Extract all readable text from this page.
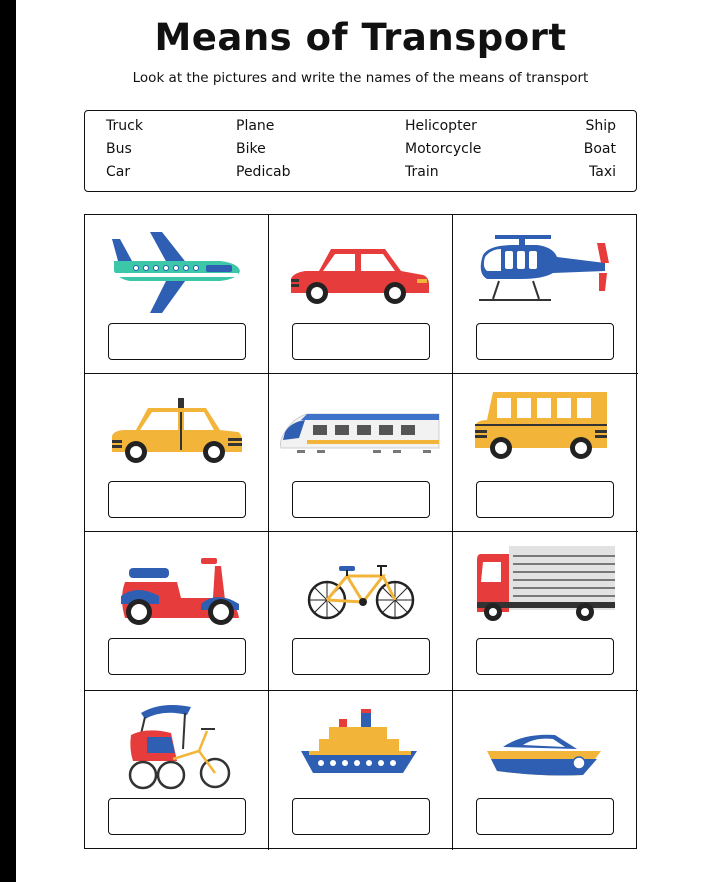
Means of Transport
Look at the pictures and write the names of the means of transport
Truck
Bus
Car
Plane
Bike
Pedicab
Helicopter
Motorcycle
Train
Ship
Boat
Taxi
